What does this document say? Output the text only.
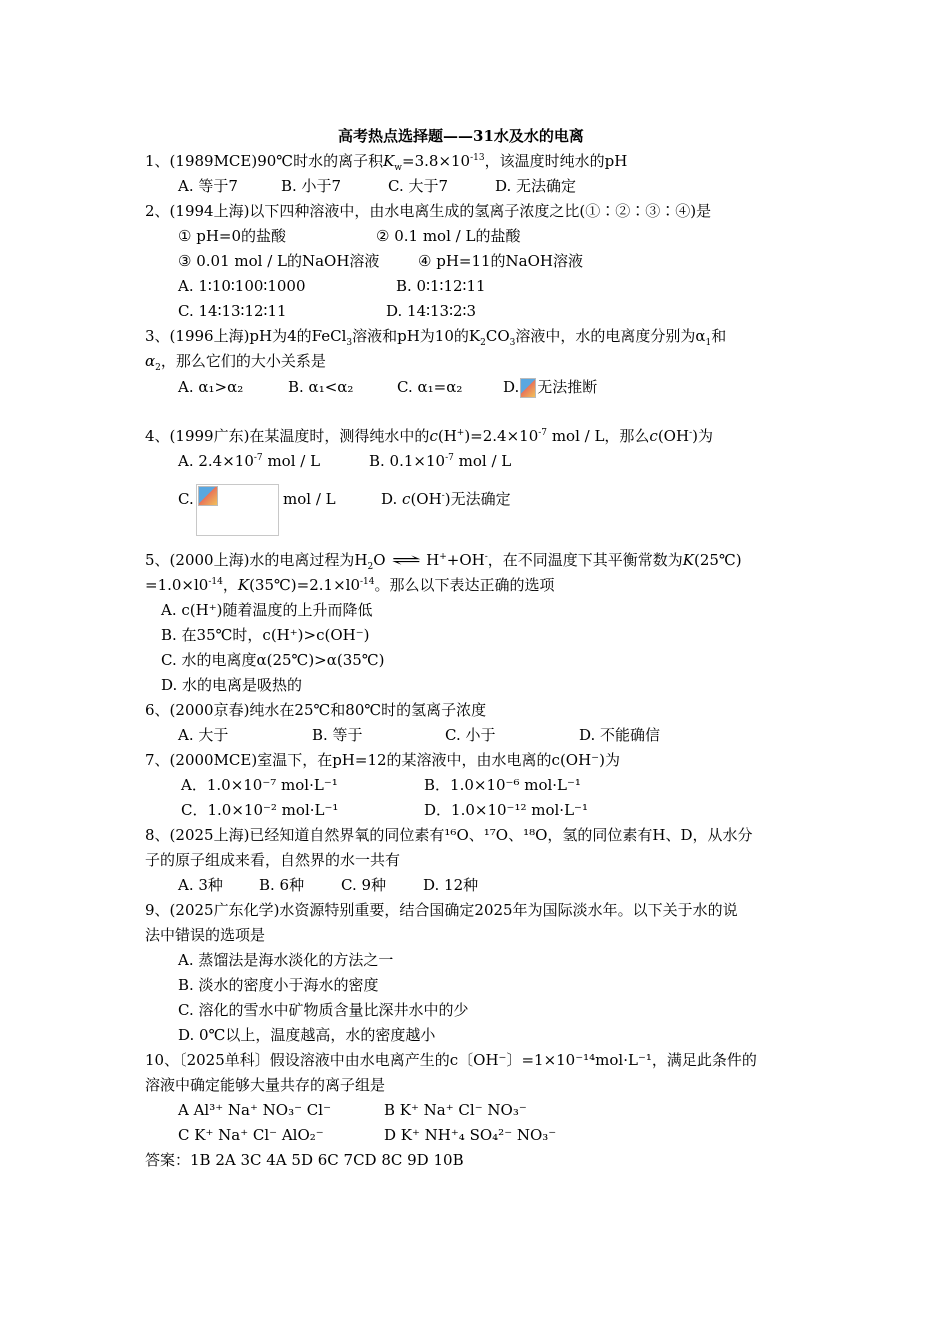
高考热点选择题——31水及水的电离
1、(1989MCE)90℃时水的离子积$K_w=3.8\times 10^{-13}$，该温度时纯水的pH
A. 等于7	B. 小于7	C. 大于7	D. 无法确定
2、(1994上海)以下四种溶液中，由水电离生成的氢离子浓度之比(①∶②∶③∶④)是
① pH=0的盐酸	② 0.1 mol / L的盐酸
③ 0.01 mol / L的NaOH溶液	④ pH=11的NaOH溶液
A. 1∶10∶100∶1000	B. 0∶1∶12∶11
C. 14∶13∶12∶11	D. 14∶13∶2∶3
3、(1996上海)pH为4的FeCl$_3$溶液和pH为10的$K_2CO_3$溶液中，水的电离度分别为$\alpha_1$和
$\alpha_2$，那么它们的大小关系是
A. α₁>α₂	B. α₁<α₂	C. α₁=α₂	D. 无法推断
4、(1999广东)在某温度时，测得纯水中的$c(H^+)=2.4\times 10^{-7}$ mol / L，那么c(OH-)为
A. $2.4\times 10^{-7}$ mol / L	B. $0.1\times 10^{-7}$ mol / L
C.	mol / L	D. c(OH-)无法确定
5、(2000上海)水的电离过程为$H_2O$ ⇌ H++OH-，在不同温度下其平衡常数为K(25℃)
$=1.0\times l0^{-14}$，$K(35℃)=2.1\times l0^{-14}$。那么以下表达正确的选项
A. c(H⁺)随着温度的上升而降低
B. 在35℃时，c(H⁺)>c(OH⁻)
C. 水的电离度α(25℃)>α(35℃)
D. 水的电离是吸热的
6、(2000京春)纯水在25℃和80℃时的氢离子浓度
A. 大于	B. 等于	C. 小于	D. 不能确信
7、(2000MCE)室温下，在pH=12的某溶液中，由水电离的c(OH⁻)为
A．1.0×10⁻⁷ mol·L⁻¹	B．1.0×10⁻⁶ mol·L⁻¹
C．1.0×10⁻² mol·L⁻¹	D．1.0×10⁻¹² mol·L⁻¹
8、(2025上海)已经知道自然界氧的同位素有¹⁶O、¹⁷O、¹⁸O，氢的同位素有H、D，从水分
子的原子组成来看，自然界的水一共有
A. 3种 B. 6种 C. 9种 D. 12种
9、(2025广东化学)水资源特别重要，结合国确定2025年为国际淡水年。以下关于水的说
法中错误的选项是
A. 蒸馏法是海水淡化的方法之一
B. 淡水的密度小于海水的密度
C. 溶化的雪水中矿物质含量比深井水中的少
D. 0℃以上，温度越高，水的密度越小
10、〔2025单科〕假设溶液中由水电离产生的c〔OH⁻〕=1×10⁻¹⁴mol·L⁻¹，满足此条件的
溶液中确定能够大量共存的离子组是
A Al³⁺ Na⁺ NO₃⁻ Cl⁻	B K⁺ Na⁺ Cl⁻ NO₃⁻
C K⁺ Na⁺ Cl⁻ AlO₂⁻	D K⁺ NH⁺₄ SO₄²⁻ NO₃⁻
答案：1B 2A 3C 4A 5D 6C 7CD 8C 9D 10B
